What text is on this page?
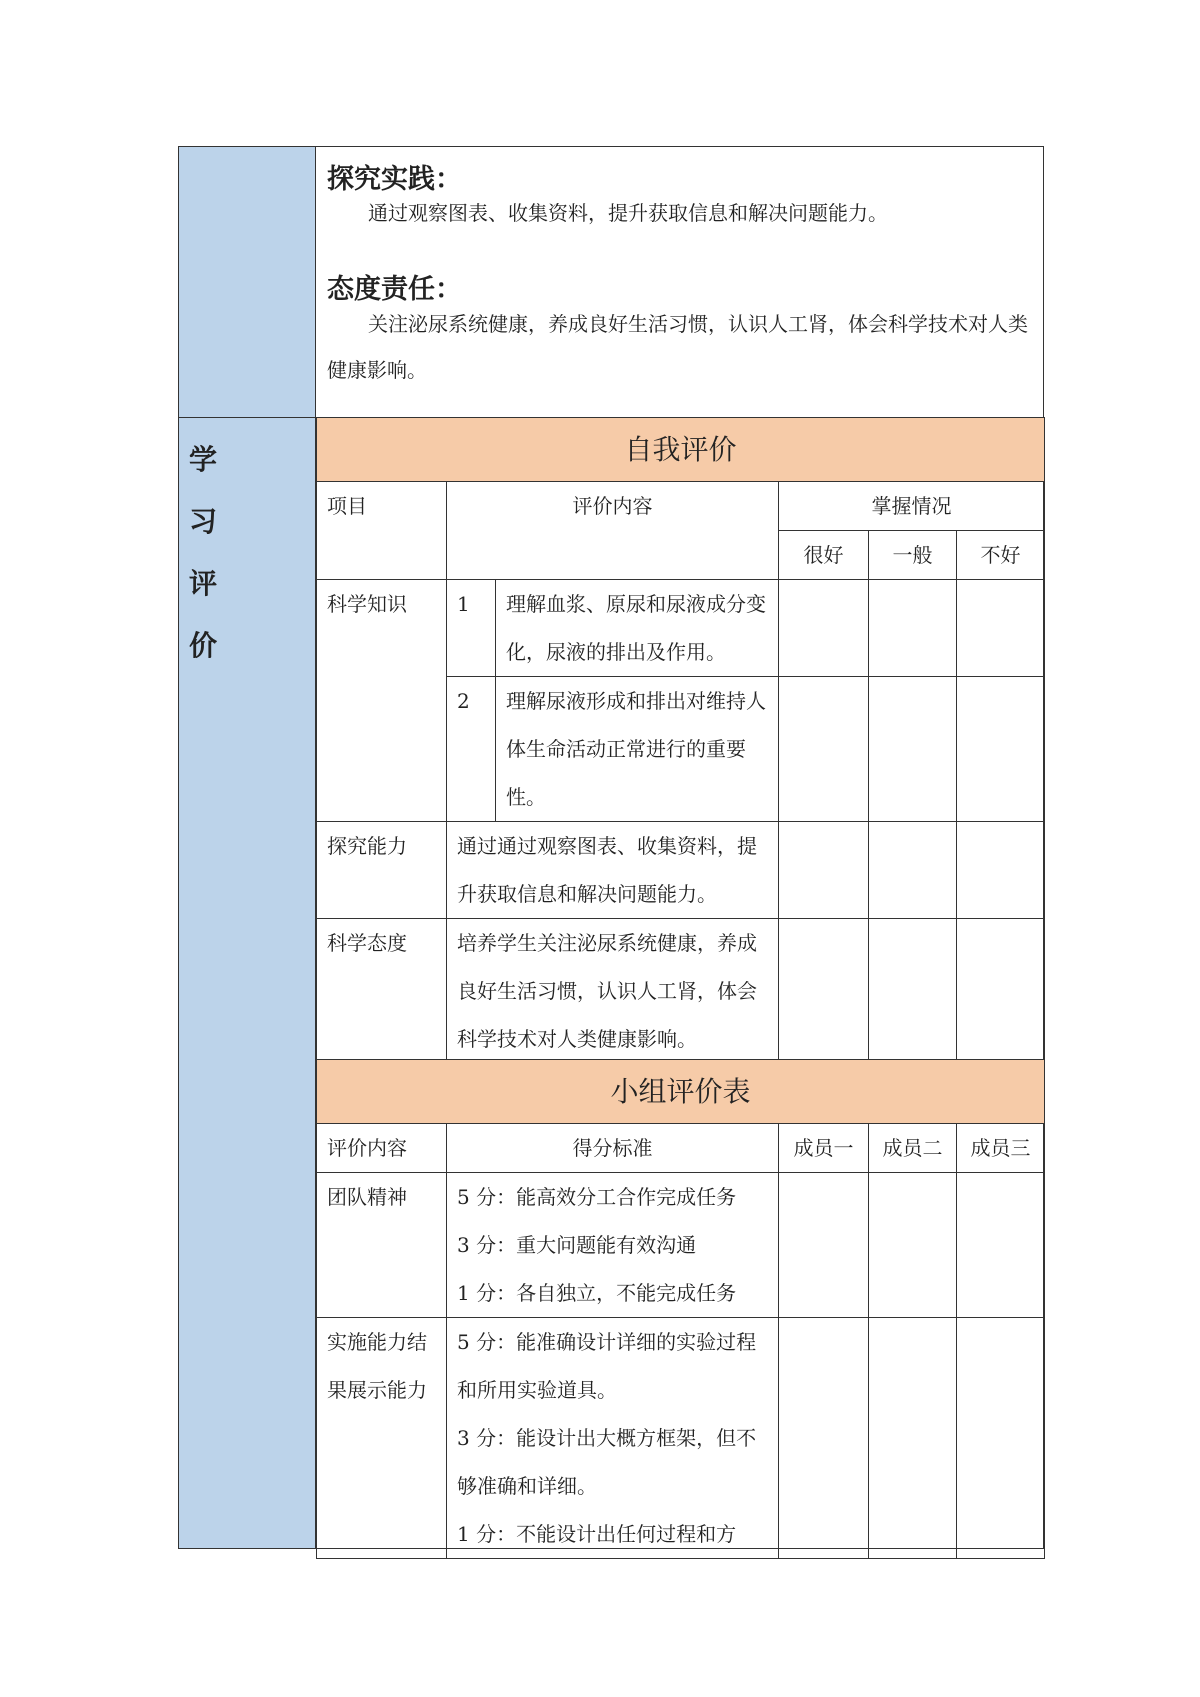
学 习 评 价
探究实践：
通过观察图表、收集资料，提升获取信息和解决问题能力。
态度责任：
关注泌尿系统健康，养成良好生活习惯，认识人工肾，体会科学技术对人类健康影响。
自我评价					
项目	评价内容		掌握情况		
			很好	一般	不好
科学知识	1	理解血浆、原尿和尿液成分变化，尿液的排出及作用。			
	2	理解尿液形成和排出对维持人体生命活动正常进行的重要性。			
探究能力	通过通过观察图表、收集资料，提升获取信息和解决问题能力。				
科学态度	培养学生关注泌尿系统健康，养成良好生活习惯，认识人工肾，体会科学技术对人类健康影响。				
小组评价表				
评价内容	得分标准	成员一	成员二	成员三
团队精神	5 分：能高效分工合作完成任务
3 分：重大问题能有效沟通
1 分：各自独立，不能完成任务			

实施能力结果展示能力	5 分：能准确设计详细的实验过程和所用实验道具。
3 分：能设计出大概方框架，但不够准确和详细。
1 分：不能设计出任何过程和方			
